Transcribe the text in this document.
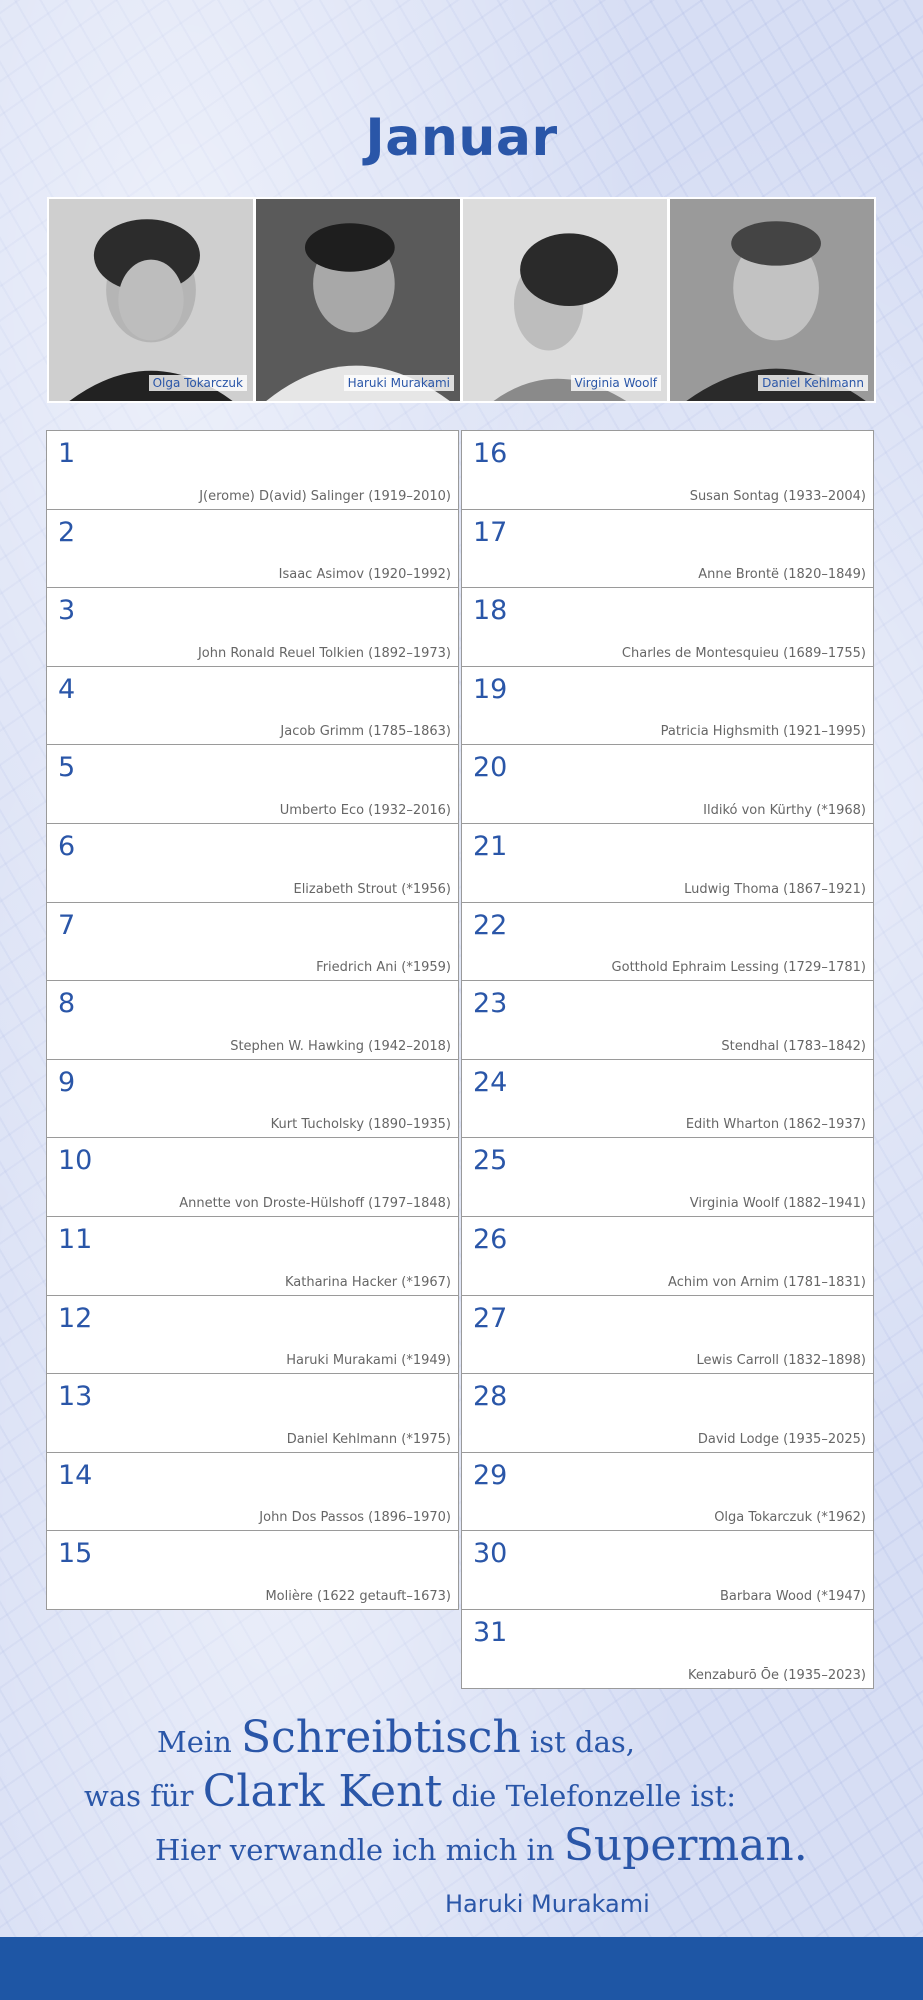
Januar
Olga Tokarczuk	Haruki Murakami	Virginia Woolf	Daniel Kehlmann
1
J(erome) D(avid) Salinger (1919–2010)
2
Isaac Asimov (1920–1992)
3
John Ronald Reuel Tolkien (1892–1973)
4
Jacob Grimm (1785–1863)
5
Umberto Eco (1932–2016)
6
Elizabeth Strout (*1956)
7
Friedrich Ani (*1959)
8
Stephen W. Hawking (1942–2018)
9
Kurt Tucholsky (1890–1935)
10
Annette von Droste-Hülshoff (1797–1848)
11
Katharina Hacker (*1967)
12
Haruki Murakami (*1949)
13
Daniel Kehlmann (*1975)
14
John Dos Passos (1896–1970)
15
Molière (1622 getauft–1673)
16
Susan Sontag (1933–2004)
17
Anne Brontë (1820–1849)
18
Charles de Montesquieu (1689–1755)
19
Patricia Highsmith (1921–1995)
20
Ildikó von Kürthy (*1968)
21
Ludwig Thoma (1867–1921)
22
Gotthold Ephraim Lessing (1729–1781)
23
Stendhal (1783–1842)
24
Edith Wharton (1862–1937)
25
Virginia Woolf (1882–1941)
26
Achim von Arnim (1781–1831)
27
Lewis Carroll (1832–1898)
28
David Lodge (1935–2025)
29
Olga Tokarczuk (*1962)
30
Barbara Wood (*1947)
31
Kenzaburō Ōe (1935–2023)
Mein Schreibtisch ist das,
was für Clark Kent die Telefonzelle ist:
Hier verwandle ich mich in Superman.
Haruki Murakami
